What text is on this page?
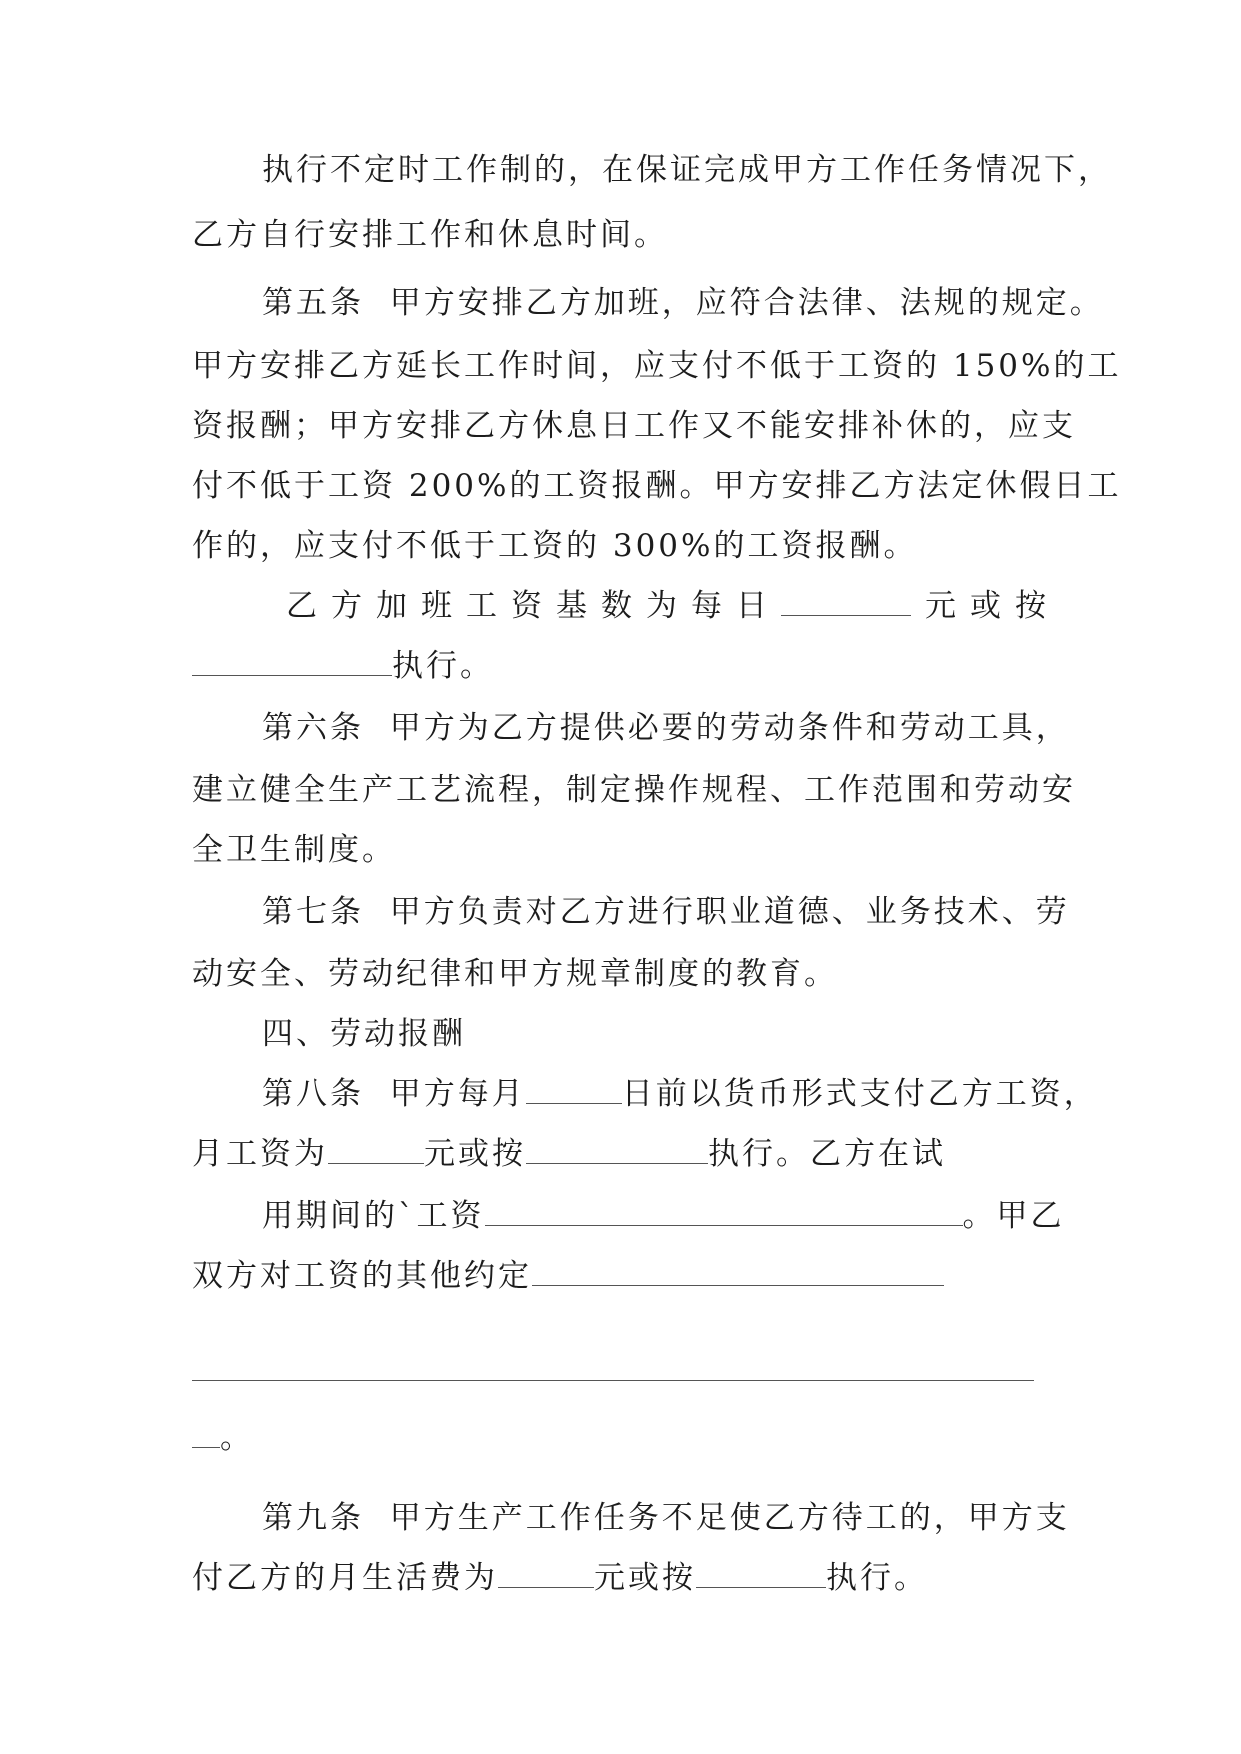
执行不定时工作制的，在保证完成甲方工作任务情况下，

乙方自行安排工作和休息时间。

第五条  甲方安排乙方加班，应符合法律、法规的规定。

甲方安排乙方延长工作时间，应支付不低于工资的 150%的工

资报酬；甲方安排乙方休息日工作又不能安排补休的，应支

付不低于工资 200%的工资报酬。甲方安排乙方法定休假日工

作的，应支付不低于工资的 300%的工资报酬。

乙方加班工资基数为每日	元或按

执行。

第六条  甲方为乙方提供必要的劳动条件和劳动工具，

建立健全生产工艺流程，制定操作规程、工作范围和劳动安

全卫生制度。

第七条  甲方负责对乙方进行职业道德、业务技术、劳

动安全、劳动纪律和甲方规章制度的教育。

四、劳动报酬

第八条  甲方每月	日前以货币形式支付乙方工资，

月工资为	元或按	执行。乙方在试

用期间的`工资	。甲乙

双方对工资的其他约定

。

第九条  甲方生产工作任务不足使乙方待工的，甲方支

付乙方的月生活费为	元或按	执行。
